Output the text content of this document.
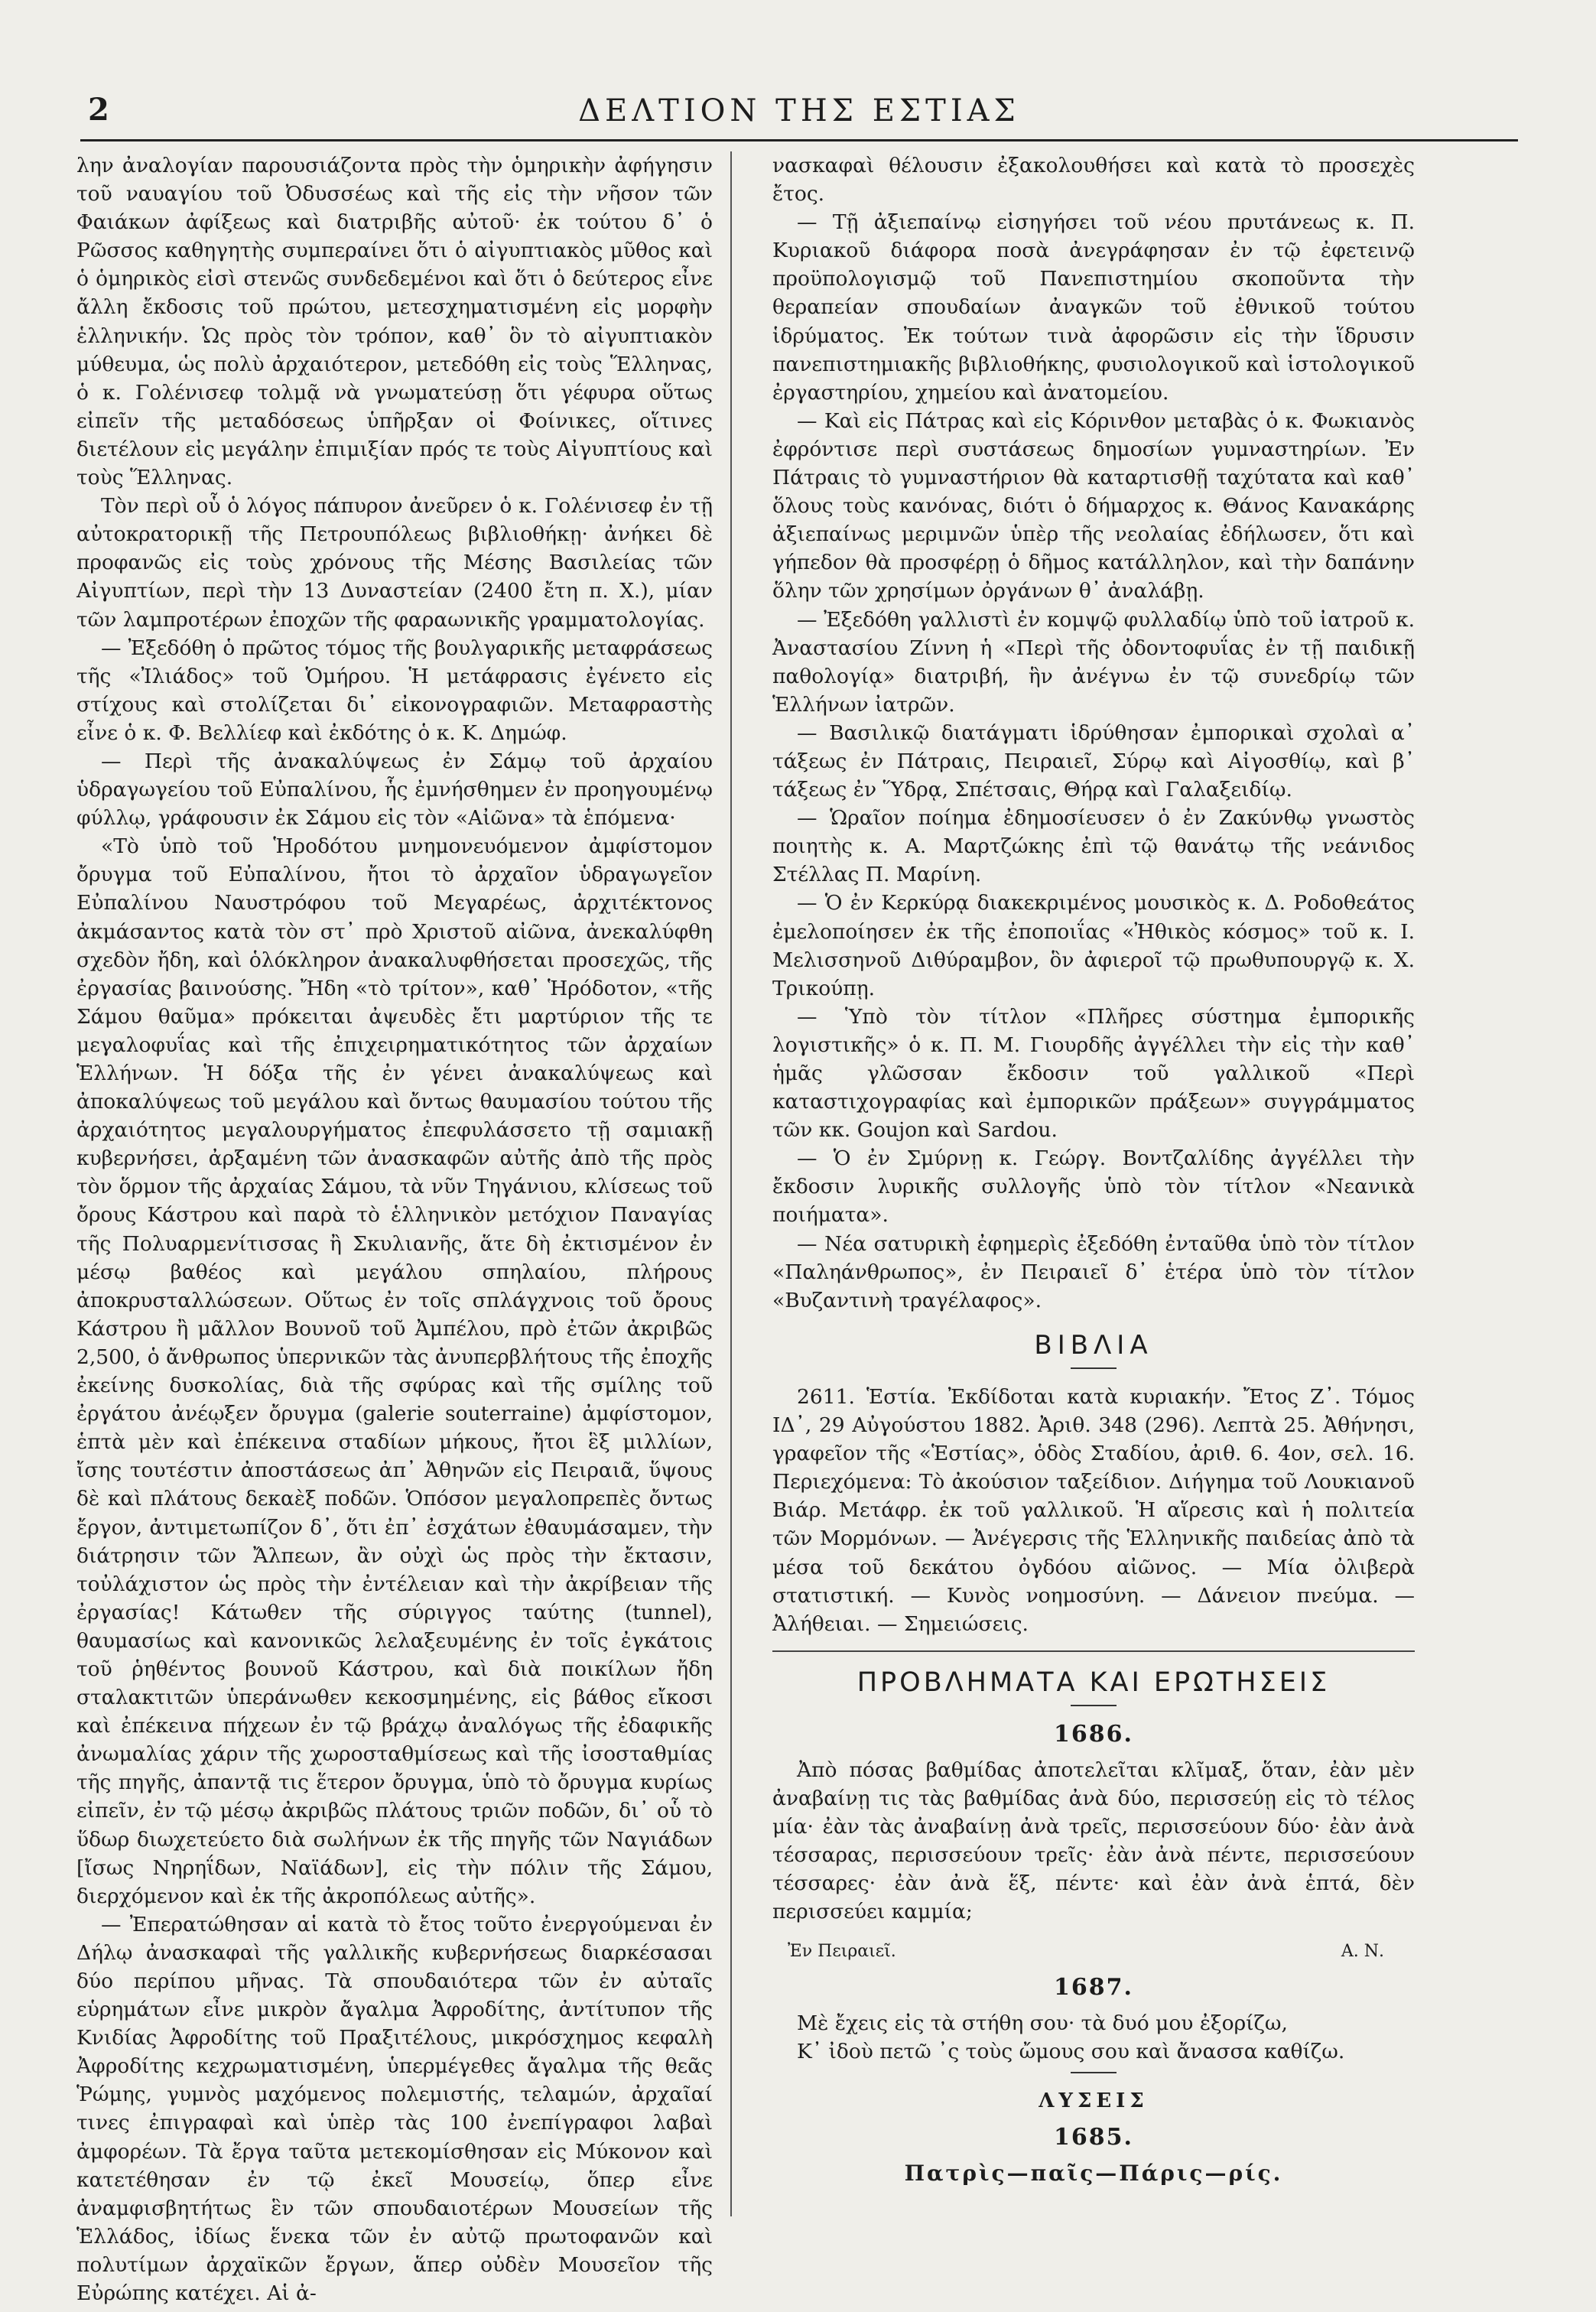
2	ΔΕΛΤΙΟΝ ΤΗΣ ΕΣΤΙΑΣ

λην ἀναλογίαν παρουσιάζοντα πρὸς τὴν ὁμηρικὴν ἀφήγησιν τοῦ ναυαγίου τοῦ Ὀδυσσέως καὶ τῆς εἰς τὴν νῆσον τῶν Φαιάκων ἀφίξεως καὶ διατριβῆς αὐτοῦ· ἐκ τούτου δ᾽ ὁ Ρῶσσος καθηγητὴς συμπεραίνει ὅτι ὁ αἰγυπτιακὸς μῦθος καὶ ὁ ὁμηρικὸς εἰσὶ στενῶς συνδεδεμένοι καὶ ὅτι ὁ δεύτερος εἶνε ἄλλη ἔκδοσις τοῦ πρώτου, μετεσχηματισμένη εἰς μορφὴν ἑλληνικήν. Ὡς πρὸς τὸν τρόπον, καθ᾽ ὃν τὸ αἰγυπτιακὸν μύθευμα, ὡς πολὺ ἀρχαιότερον, μετεδόθη εἰς τοὺς Ἕλληνας, ὁ κ. Γολένισεφ τολμᾷ νὰ γνωματεύσῃ ὅτι γέφυρα οὕτως εἰπεῖν τῆς μεταδόσεως ὑπῆρξαν οἱ Φοίνικες, οἵτινες διετέλουν εἰς μεγάλην ἐπιμιξίαν πρός τε τοὺς Αἰγυπτίους καὶ τοὺς Ἕλληνας.

Τὸν περὶ οὗ ὁ λόγος πάπυρον ἀνεῦρεν ὁ κ. Γολένισεφ ἐν τῇ αὐτοκρατορικῇ τῆς Πετρουπόλεως βιβλιοθήκῃ· ἀνήκει δὲ προφανῶς εἰς τοὺς χρόνους τῆς Μέσης Βασιλείας τῶν Αἰγυπτίων, περὶ τὴν 13 Δυναστείαν (2400 ἔτη π. Χ.), μίαν τῶν λαμπροτέρων ἐποχῶν τῆς φαραωνικῆς γραμματολογίας.

— Ἐξεδόθη ὁ πρῶτος τόμος τῆς βουλγαρικῆς μεταφράσεως τῆς «Ἰλιάδος» τοῦ Ὁμήρου. Ἡ μετάφρασις ἐγένετο εἰς στίχους καὶ στολίζεται δι᾽ εἰκονογραφιῶν. Μεταφραστὴς εἶνε ὁ κ. Φ. Βελλίεφ καὶ ἐκδότης ὁ κ. Κ. Δημώφ.

— Περὶ τῆς ἀνακαλύψεως ἐν Σάμῳ τοῦ ἀρχαίου ὑδραγωγείου τοῦ Εὐπαλίνου, ἧς ἐμνήσθημεν ἐν προηγουμένῳ φύλλῳ, γράφουσιν ἐκ Σάμου εἰς τὸν «Αἰῶνα» τὰ ἑπόμενα·

«Τὸ ὑπὸ τοῦ Ἡροδότου μνημονευόμενον ἀμφίστομον ὄρυγμα τοῦ Εὐπαλίνου, ἤτοι τὸ ἀρχαῖον ὑδραγωγεῖον Εὐπαλίνου Ναυστρόφου τοῦ Μεγαρέως, ἀρχιτέκτονος ἀκμάσαντος κατὰ τὸν στ᾽ πρὸ Χριστοῦ αἰῶνα, ἀνεκαλύφθη σχεδὸν ἤδη, καὶ ὁλόκληρον ἀνακαλυφθήσεται προσεχῶς, τῆς ἐργασίας βαινούσης. Ἤδη «τὸ τρίτον», καθ᾽ Ἡρόδοτον, «τῆς Σάμου θαῦμα» πρόκειται ἀψευδὲς ἔτι μαρτύριον τῆς τε μεγαλοφυΐας καὶ τῆς ἐπιχειρηματικότητος τῶν ἀρχαίων Ἑλλήνων. Ἡ δόξα τῆς ἐν γένει ἀνακαλύψεως καὶ ἀποκαλύψεως τοῦ μεγάλου καὶ ὄντως θαυμασίου τούτου τῆς ἀρχαιότητος μεγαλουργήματος ἐπεφυλάσσετο τῇ σαμιακῇ κυβερνήσει, ἀρξαμένη τῶν ἀνασκαφῶν αὐτῆς ἀπὸ τῆς πρὸς τὸν ὅρμον τῆς ἀρχαίας Σάμου, τὰ νῦν Τηγάνιου, κλίσεως τοῦ ὄρους Κάστρου καὶ παρὰ τὸ ἑλληνικὸν μετόχιον Παναγίας τῆς Πολυαρμενίτισσας ἢ Σκυλιανῆς, ἅτε δὴ ἐκτισμένον ἐν μέσῳ βαθέος καὶ μεγάλου σπηλαίου, πλήρους ἀποκρυσταλλώσεων. Οὕτως ἐν τοῖς σπλάγχνοις τοῦ ὄρους Κάστρου ἢ μᾶλλον Βουνοῦ τοῦ Ἀμπέλου, πρὸ ἐτῶν ἀκριβῶς 2,500, ὁ ἄνθρωπος ὑπερνικῶν τὰς ἀνυπερβλήτους τῆς ἐποχῆς ἐκείνης δυσκολίας, διὰ τῆς σφύρας καὶ τῆς σμίλης τοῦ ἐργάτου ἀνέῳξεν ὄρυγμα (galerie souterraine) ἀμφίστομον, ἑπτὰ μὲν καὶ ἐπέκεινα σταδίων μήκους, ἤτοι ἓξ μιλλίων, ἴσης τουτέστιν ἀποστάσεως ἀπ᾽ Ἀθηνῶν εἰς Πειραιᾶ, ὕψους δὲ καὶ πλάτους δεκαὲξ ποδῶν. Ὁπόσον μεγαλοπρεπὲς ὄντως ἔργον, ἀντιμετωπίζον δ᾽, ὅτι ἐπ᾽ ἐσχάτων ἐθαυμάσαμεν, τὴν διάτρησιν τῶν Ἄλπεων, ἂν οὐχὶ ὡς πρὸς τὴν ἔκτασιν, τοὐλάχιστον ὡς πρὸς τὴν ἐντέλειαν καὶ τὴν ἀκρίβειαν τῆς ἐργασίας! Κάτωθεν τῆς σύριγγος ταύτης (tunnel), θαυμασίως καὶ κανονικῶς λελαξευμένης ἐν τοῖς ἐγκάτοις τοῦ ῥηθέντος βουνοῦ Κάστρου, καὶ διὰ ποικίλων ἤδη σταλακτιτῶν ὑπεράνωθεν κεκοσμημένης, εἰς βάθος εἴκοσι καὶ ἐπέκεινα πήχεων ἐν τῷ βράχῳ ἀναλόγως τῆς ἐδαφικῆς ἀνωμαλίας χάριν τῆς χωροσταθμίσεως καὶ τῆς ἰσοσταθμίας τῆς πηγῆς, ἀπαντᾷ τις ἕτερον ὄρυγμα, ὑπὸ τὸ ὄρυγμα κυρίως εἰπεῖν, ἐν τῷ μέσῳ ἀκριβῶς πλάτους τριῶν ποδῶν, δι᾽ οὗ τὸ ὕδωρ διωχετεύετο διὰ σωλήνων ἐκ τῆς πηγῆς τῶν Ναγιάδων [ἴσως Νηρηΐδων, Ναϊάδων], εἰς τὴν πόλιν τῆς Σάμου, διερχόμενον καὶ ἐκ τῆς ἀκροπόλεως αὐτῆς».

— Ἐπερατώθησαν αἱ κατὰ τὸ ἔτος τοῦτο ἐνεργούμεναι ἐν Δήλῳ ἀνασκαφαὶ τῆς γαλλικῆς κυβερνήσεως διαρκέσασαι δύο περίπου μῆνας. Τὰ σπουδαιότερα τῶν ἐν αὐταῖς εὑρημάτων εἶνε μικρὸν ἄγαλμα Ἀφροδίτης, ἀντίτυπον τῆς Κνιδίας Ἀφροδίτης τοῦ Πραξιτέλους, μικρόσχημος κεφαλὴ Ἀφροδίτης κεχρωματισμένη, ὑπερμέγεθες ἄγαλμα τῆς θεᾶς Ῥώμης, γυμνὸς μαχόμενος πολεμιστής, τελαμών, ἀρχαῖαί τινες ἐπιγραφαὶ καὶ ὑπὲρ τὰς 100 ἐνεπίγραφοι λαβαὶ ἀμφορέων. Τὰ ἔργα ταῦτα μετεκομίσθησαν εἰς Μύκονον καὶ κατετέθησαν ἐν τῷ ἐκεῖ Μουσείῳ, ὅπερ εἶνε ἀναμφισβητήτως ἓν τῶν σπουδαιοτέρων Μουσείων τῆς Ἑλλάδος, ἰδίως ἕνεκα τῶν ἐν αὐτῷ πρωτοφανῶν καὶ πολυτίμων ἀρχαϊκῶν ἔργων, ἅπερ οὐδὲν Μουσεῖον τῆς Εὐρώπης κατέχει. Αἱ ἀ-

νασκαφαὶ θέλουσιν ἐξακολουθήσει καὶ κατὰ τὸ προσεχὲς ἔτος.

— Τῇ ἀξιεπαίνῳ εἰσηγήσει τοῦ νέου πρυτάνεως κ. Π. Κυριακοῦ διάφορα ποσὰ ἀνεγράφησαν ἐν τῷ ἐφετεινῷ προϋπολογισμῷ τοῦ Πανεπιστημίου σκοποῦντα τὴν θεραπείαν σπουδαίων ἀναγκῶν τοῦ ἐθνικοῦ τούτου ἱδρύματος. Ἐκ τούτων τινὰ ἀφορῶσιν εἰς τὴν ἵδρυσιν πανεπιστημιακῆς βιβλιοθήκης, φυσιολογικοῦ καὶ ἱστολογικοῦ ἐργαστηρίου, χημείου καὶ ἀνατομείου.

— Καὶ εἰς Πάτρας καὶ εἰς Κόρινθον μεταβὰς ὁ κ. Φωκιανὸς ἐφρόντισε περὶ συστάσεως δημοσίων γυμναστηρίων. Ἐν Πάτραις τὸ γυμναστήριον θὰ καταρτισθῇ ταχύτατα καὶ καθ᾽ ὅλους τοὺς κανόνας, διότι ὁ δήμαρχος κ. Θάνος Κανακάρης ἀξιεπαίνως μεριμνῶν ὑπὲρ τῆς νεολαίας ἐδήλωσεν, ὅτι καὶ γήπεδον θὰ προσφέρῃ ὁ δῆμος κατάλληλον, καὶ τὴν δαπάνην ὅλην τῶν χρησίμων ὀργάνων θ᾽ ἀναλάβῃ.

— Ἐξεδόθη γαλλιστὶ ἐν κομψῷ φυλλαδίῳ ὑπὸ τοῦ ἰατροῦ κ. Ἀναστασίου Ζίννη ἡ «Περὶ τῆς ὀδοντοφυΐας ἐν τῇ παιδικῇ παθολογίᾳ» διατριβή, ἣν ἀνέγνω ἐν τῷ συνεδρίῳ τῶν Ἑλλήνων ἰατρῶν.

— Βασιλικῷ διατάγματι ἱδρύθησαν ἐμπορικαὶ σχολαὶ α᾽ τάξεως ἐν Πάτραις, Πειραιεῖ, Σύρῳ καὶ Αἰγοσθίῳ, καὶ β᾽ τάξεως ἐν Ὕδρᾳ, Σπέτσαις, Θήρᾳ καὶ Γαλαξειδίῳ.

— Ὡραῖον ποίημα ἐδημοσίευσεν ὁ ἐν Ζακύνθῳ γνωστὸς ποιητὴς κ. Α. Μαρτζώκης ἐπὶ τῷ θανάτῳ τῆς νεάνιδος Στέλλας Π. Μαρίνη.

— Ὁ ἐν Κερκύρᾳ διακεκριμένος μουσικὸς κ. Δ. Ροδοθεάτος ἐμελοποίησεν ἐκ τῆς ἐποποιΐας «Ἠθικὸς κόσμος» τοῦ κ. Ι. Μελισσηνοῦ Διθύραμβον, ὃν ἀφιεροῖ τῷ πρωθυπουργῷ κ. Χ. Τρικούπῃ.

— Ὑπὸ τὸν τίτλον «Πλῆρες σύστημα ἐμπορικῆς λογιστικῆς» ὁ κ. Π. Μ. Γιουρδῆς ἀγγέλλει τὴν εἰς τὴν καθ᾽ ἡμᾶς γλῶσσαν ἔκδοσιν τοῦ γαλλικοῦ «Περὶ καταστιχογραφίας καὶ ἐμπορικῶν πράξεων» συγγράμματος τῶν κκ. Goujon καὶ Sardou.

— Ὁ ἐν Σμύρνῃ κ. Γεώργ. Βοντζαλίδης ἀγγέλλει τὴν ἔκδοσιν λυρικῆς συλλογῆς ὑπὸ τὸν τίτλον «Νεανικὰ ποιήματα».

— Νέα σατυρικὴ ἐφημερὶς ἐξεδόθη ἐνταῦθα ὑπὸ τὸν τίτλον «Παληάνθρωπος», ἐν Πειραιεῖ δ᾽ ἑτέρα ὑπὸ τὸν τίτλον «Βυζαντινὴ τραγέλαφος».

ΒΙΒΛΙΑ

2611. Ἑστία. Ἐκδίδοται κατὰ κυριακήν. Ἔτος Ζ᾽. Τόμος ΙΔ᾽, 29 Αὐγούστου 1882. Ἀριθ. 348 (296). Λεπτὰ 25. Ἀθήνησι, γραφεῖον τῆς «Ἑστίας», ὁδὸς Σταδίου, ἀριθ. 6. 4ον, σελ. 16. Περιεχόμενα: Τὸ ἀκούσιον ταξείδιον. Διήγημα τοῦ Λουκιανοῦ Βιάρ. Μετάφρ. ἐκ τοῦ γαλλικοῦ. Ἡ αἵρεσις καὶ ἡ πολιτεία τῶν Μορμόνων. — Ἀνέγερσις τῆς Ἑλληνικῆς παιδείας ἀπὸ τὰ μέσα τοῦ δεκάτου ὀγδόου αἰῶνος. — Μία ὀλιβερὰ στατιστική. — Κυνὸς νοημοσύνη. — Δάνειον πνεύμα. — Ἀλήθειαι. — Σημειώσεις.

ΠΡΟΒΛΗΜΑΤΑ ΚΑΙ ΕΡΩΤΗΣΕΙΣ
1686.

Ἀπὸ πόσας βαθμίδας ἀποτελεῖται κλῖμαξ, ὅταν, ἐὰν μὲν ἀναβαίνῃ τις τὰς βαθμίδας ἀνὰ δύο, περισσεύῃ εἰς τὸ τέλος μία· ἐὰν τὰς ἀναβαίνῃ ἀνὰ τρεῖς, περισσεύουν δύο· ἐὰν ἀνὰ τέσσαρας, περισσεύουν τρεῖς· ἐὰν ἀνὰ πέντε, περισσεύουν τέσσαρες· ἐὰν ἀνὰ ἕξ, πέντε· καὶ ἐὰν ἀνὰ ἑπτά, δὲν περισσεύει καμμία;

Ἐν Πειραιεῖ.	Α. Ν.
1687.

Μὲ ἔχεις εἰς τὰ στήθη σου· τὰ δυό μου ἐξορίζω,

Κ᾽ ἰδοὺ πετῶ ᾽ς τοὺς ὤμους σου καὶ ἄνασσα καθίζω.

ΛΥΣΕΙΣ
1685.
Πατρὶς—παῖς—Πάρις—ρίς.
